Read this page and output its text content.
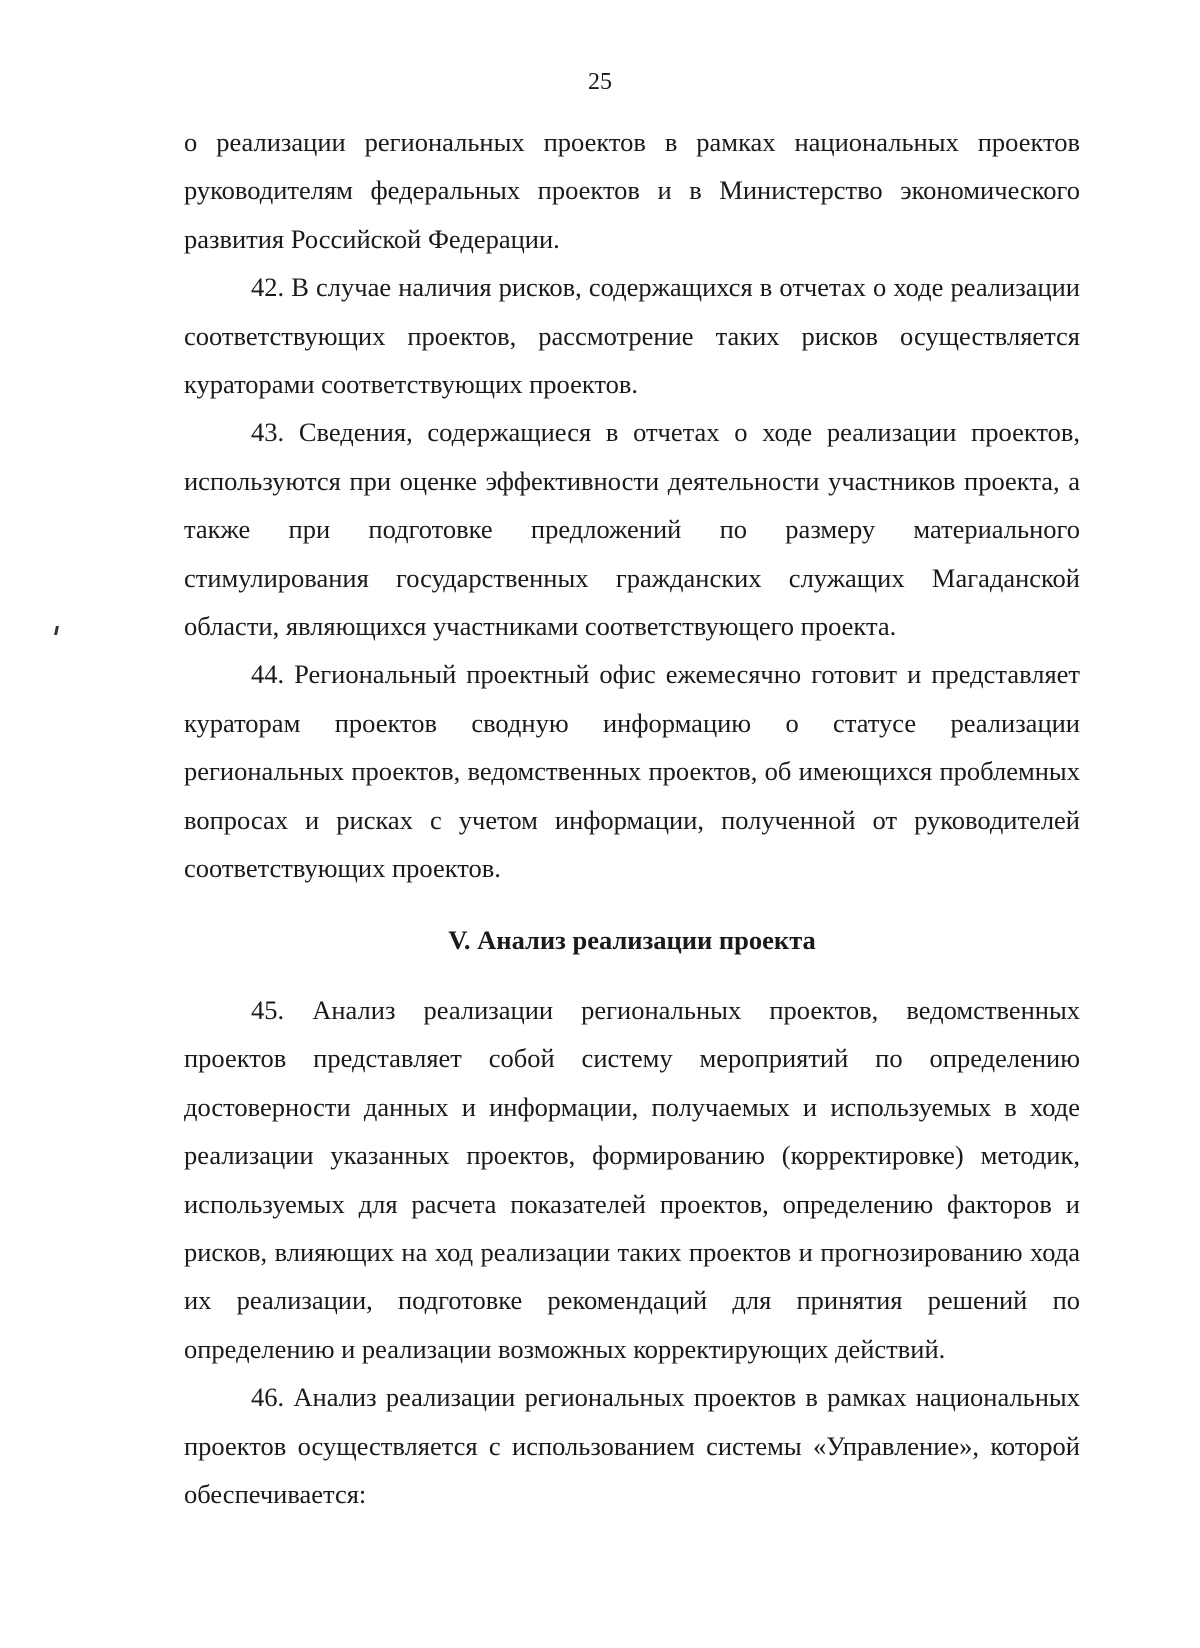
25

о реализации региональных проектов в рамках национальных проектов руководителям федеральных проектов и в Министерство экономического развития Российской Федерации.

42. В случае наличия рисков, содержащихся в отчетах о ходе реализации соответствующих проектов, рассмотрение таких рисков осуществляется кураторами соответствующих проектов.

43. Сведения, содержащиеся в отчетах о ходе реализации проектов, используются при оценке эффективности деятельности участников проекта, а также при подготовке предложений по размеру материального стимулирования государственных гражданских служащих Магаданской области, являющихся участниками соответствующего проекта.

44. Региональный проектный офис ежемесячно готовит и представляет кураторам проектов сводную информацию о статусе реализации региональных проектов, ведомственных проектов, об имеющихся проблемных вопросах и рисках с учетом информации, полученной от руководителей соответствующих проектов.

V. Анализ реализации проекта

45. Анализ реализации региональных проектов, ведомственных проектов представляет собой систему мероприятий по определению достоверности данных и информации, получаемых и используемых в ходе реализации указанных проектов, формированию (корректировке) методик, используемых для расчета показателей проектов, определению факторов и рисков, влияющих на ход реализации таких проектов и прогнозированию хода их реализации, подготовке рекомендаций для принятия решений по определению и реализации возможных корректирующих действий.

46. Анализ реализации региональных проектов в рамках национальных проектов осуществляется с использованием системы «Управление», которой обеспечивается:
